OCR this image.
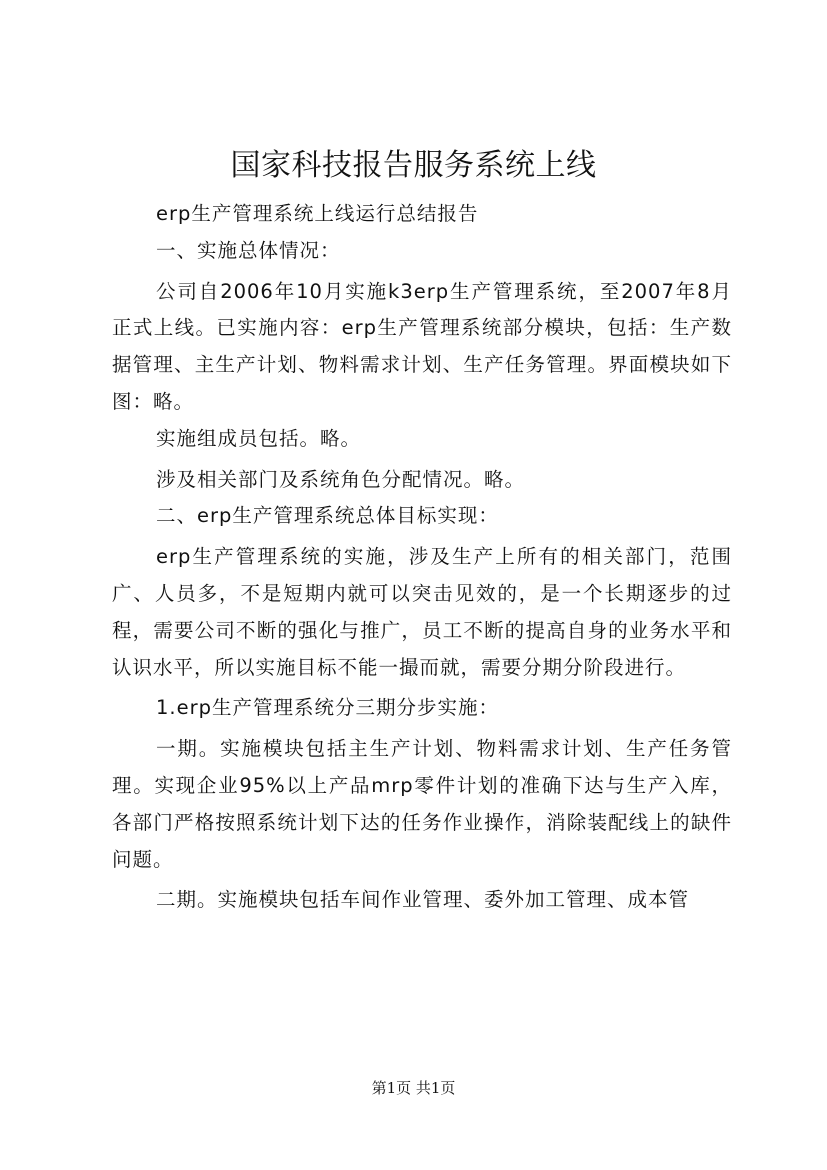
国家科技报告服务系统上线

erp生产管理系统上线运行总结报告

一、实施总体情况：

公司自2006年10月实施k3erp生产管理系统，至2007年8月正式上线。已实施内容：erp生产管理系统部分模块，包括：生产数据管理、主生产计划、物料需求计划、生产任务管理。界面模块如下图：略。

实施组成员包括。略。

涉及相关部门及系统角色分配情况。略。

二、erp生产管理系统总体目标实现：

erp生产管理系统的实施，涉及生产上所有的相关部门，范围广、人员多，不是短期内就可以突击见效的，是一个长期逐步的过程，需要公司不断的强化与推广，员工不断的提高自身的业务水平和认识水平，所以实施目标不能一撮而就，需要分期分阶段进行。

1.erp生产管理系统分三期分步实施：

一期。实施模块包括主生产计划、物料需求计划、生产任务管理。实现企业95%以上产品mrp零件计划的准确下达与生产入库，各部门严格按照系统计划下达的任务作业操作，消除装配线上的缺件问题。

二期。实施模块包括车间作业管理、委外加工管理、成本管

第1页 共1页
